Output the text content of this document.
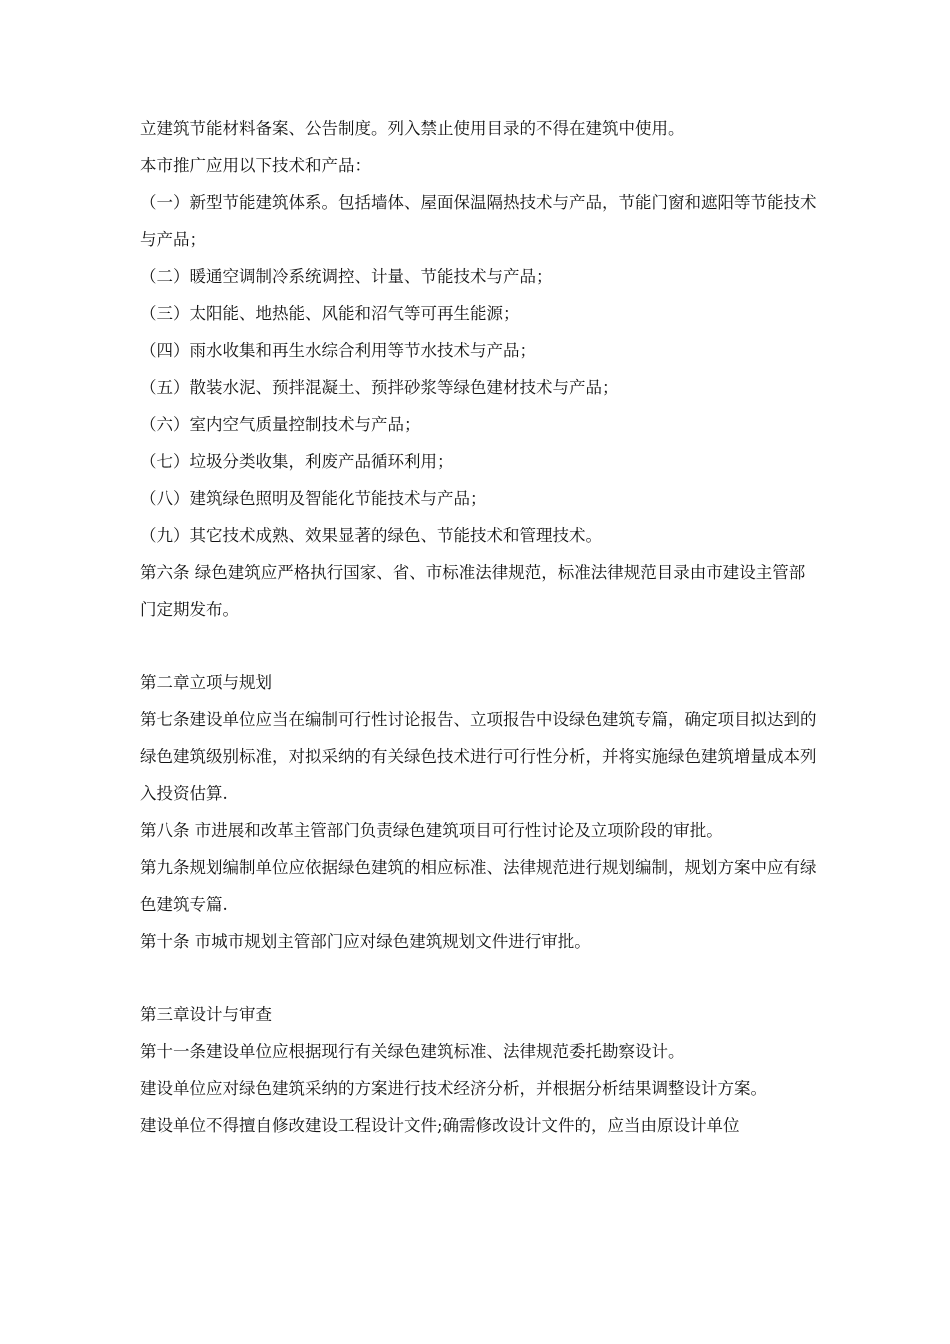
立建筑节能材料备案、公告制度。列入禁止使用目录的不得在建筑中使用。

本市推广应用以下技术和产品：

（一）新型节能建筑体系。包括墙体、屋面保温隔热技术与产品，节能门窗和遮阳等节能技术与产品；

（二）暖通空调制冷系统调控、计量、节能技术与产品；

（三）太阳能、地热能、风能和沼气等可再生能源；

（四）雨水收集和再生水综合利用等节水技术与产品；

（五）散装水泥、预拌混凝土、预拌砂浆等绿色建材技术与产品；

（六）室内空气质量控制技术与产品；

（七）垃圾分类收集，利废产品循环利用；

（八）建筑绿色照明及智能化节能技术与产品；

（九）其它技术成熟、效果显著的绿色、节能技术和管理技术。

第六条 绿色建筑应严格执行国家、省、市标准法律规范，标准法律规范目录由市建设主管部门定期发布。

第二章立项与规划

第七条建设单位应当在编制可行性讨论报告、立项报告中设绿色建筑专篇，确定项目拟达到的绿色建筑级别标准，对拟采纳的有关绿色技术进行可行性分析，并将实施绿色建筑增量成本列入投资估算.

第八条 市进展和改革主管部门负责绿色建筑项目可行性讨论及立项阶段的审批。

第九条规划编制单位应依据绿色建筑的相应标准、法律规范进行规划编制，规划方案中应有绿色建筑专篇.

第十条 市城市规划主管部门应对绿色建筑规划文件进行审批。

第三章设计与审查

第十一条建设单位应根据现行有关绿色建筑标准、法律规范委托勘察设计。

建设单位应对绿色建筑采纳的方案进行技术经济分析，并根据分析结果调整设计方案。

建设单位不得擅自修改建设工程设计文件;确需修改设计文件的，应当由原设计单位
